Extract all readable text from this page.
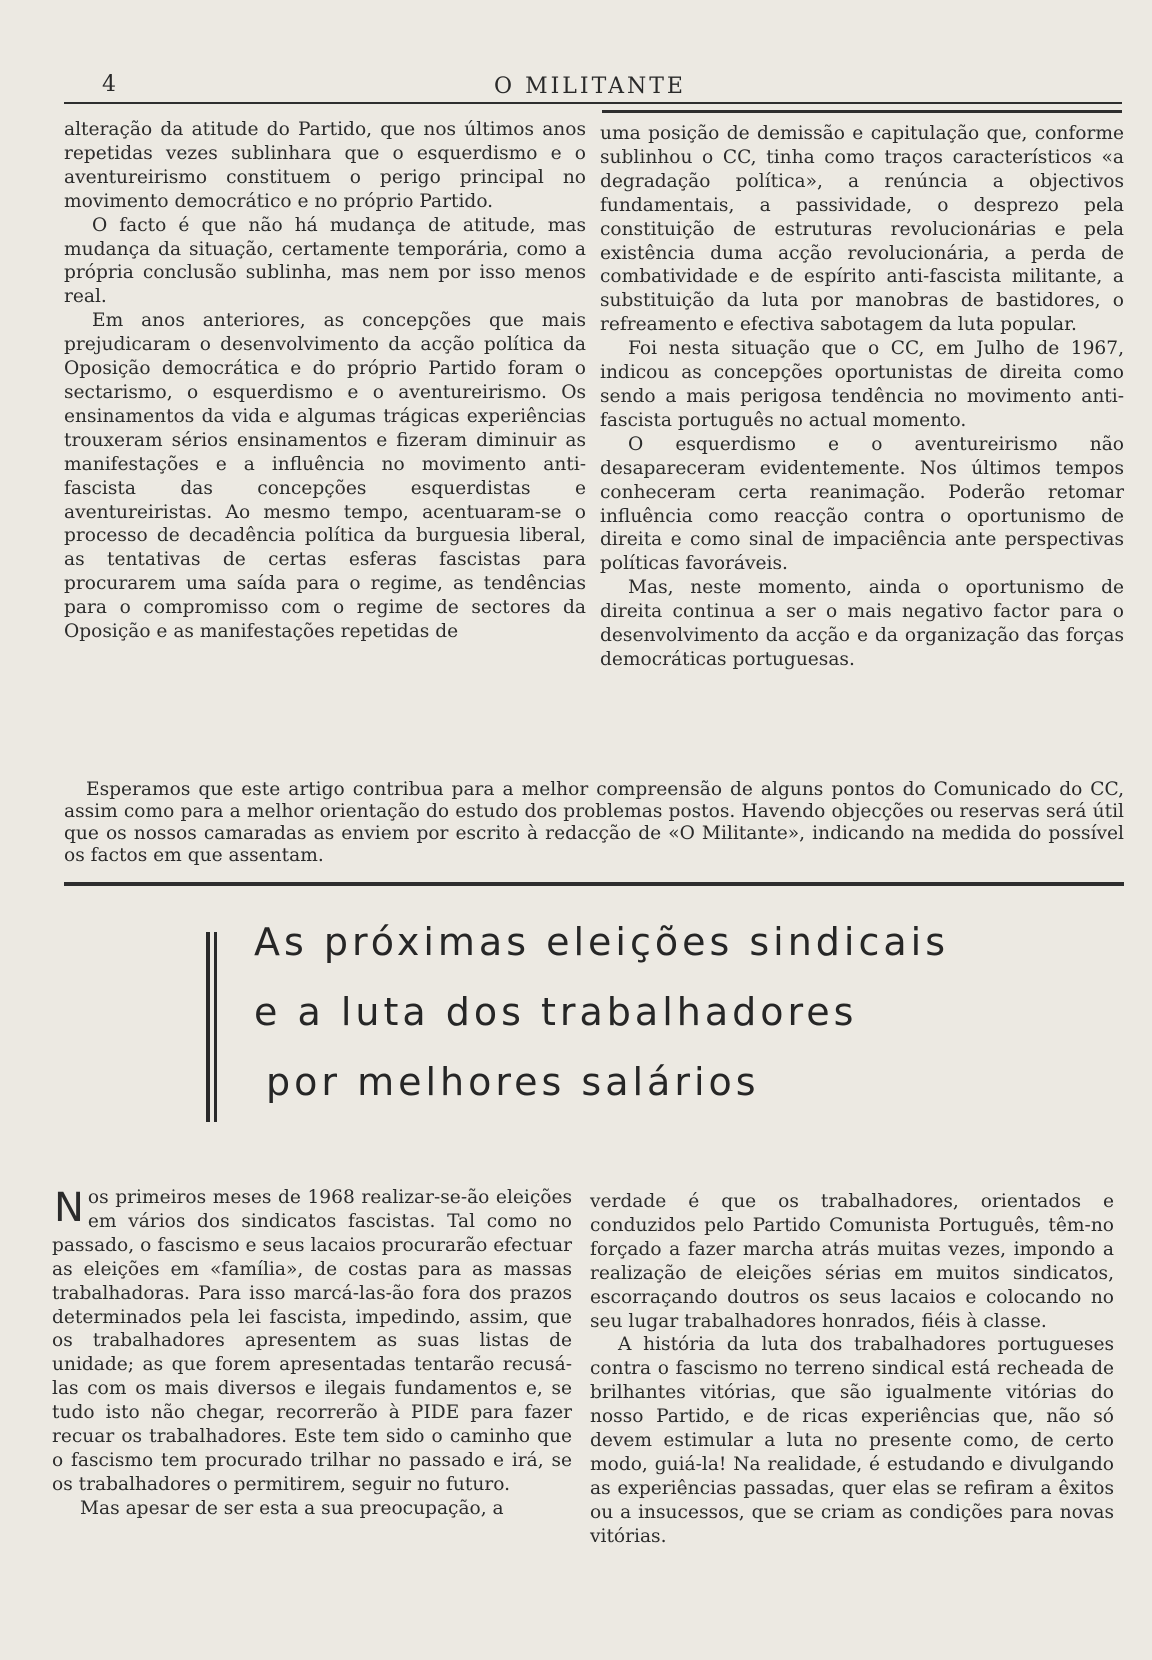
4	O MILITANTE

alteração da atitude do Partido, que nos últimos anos repetidas vezes sublinhara que o esquerdismo e o aventureirismo constituem o perigo principal no movimento democrático e no próprio Partido.

O facto é que não há mudança de atitude, mas mudança da situação, certamente temporária, como a própria conclusão sublinha, mas nem por isso menos real.

Em anos anteriores, as concepções que mais prejudicaram o desenvolvimento da acção política da Oposição democrática e do próprio Partido foram o sectarismo, o esquerdismo e o aventureirismo. Os ensinamentos da vida e algumas trágicas experiências trouxeram sérios ensinamentos e fizeram diminuir as manifestações e a influência no movimento anti-fascista das concepções esquerdistas e aventureiristas. Ao mesmo tempo, acentuaram-se o processo de decadência política da burguesia liberal, as tentativas de certas esferas fascistas para procurarem uma saída para o regime, as tendências para o compromisso com o regime de sectores da Oposição e as manifestações repetidas de

uma posição de demissão e capitulação que, conforme sublinhou o CC, tinha como traços característicos «a degradação política», a renúncia a objectivos fundamentais, a passividade, o desprezo pela constituição de estruturas revolucionárias e pela existência duma acção revolucionária, a perda de combatividade e de espírito anti-fascista militante, a substituição da luta por manobras de bastidores, o refreamento e efectiva sabotagem da luta popular.

Foi nesta situação que o CC, em Julho de 1967, indicou as concepções oportunistas de direita como sendo a mais perigosa tendência no movimento anti-fascista português no actual momento.

O esquerdismo e o aventureirismo não desapareceram evidentemente. Nos últimos tempos conheceram certa reanimação. Poderão retomar influência como reacção contra o oportunismo de direita e como sinal de impaciência ante perspectivas políticas favoráveis.

Mas, neste momento, ainda o oportunismo de direita continua a ser o mais negativo factor para o desenvolvimento da acção e da organização das forças democráticas portuguesas.

Esperamos que este artigo contribua para a melhor compreensão de alguns pontos do Comunicado do CC, assim como para a melhor orientação do estudo dos problemas postos. Havendo objecções ou reservas será útil que os nossos camaradas as enviem por escrito à redacção de «O Militante», indicando na medida do possível os factos em que assentam.

As próximas eleições sindicais
e a luta dos trabalhadores
por melhores salários

Nos primeiros meses de 1968 realizar-se-ão eleições em vários dos sindicatos fascistas. Tal como no passado, o fascismo e seus lacaios procurarão efectuar as eleições em «família», de costas para as massas trabalhadoras. Para isso marcá-las-ão fora dos prazos determinados pela lei fascista, impedindo, assim, que os trabalhadores apresentem as suas listas de unidade; as que forem apresentadas tentarão recusá-las com os mais diversos e ilegais fundamentos e, se tudo isto não chegar, recorrerão à PIDE para fazer recuar os trabalhadores. Este tem sido o caminho que o fascismo tem procurado trilhar no passado e irá, se os trabalhadores o permitirem, seguir no futuro.

Mas apesar de ser esta a sua preocupação, a

verdade é que os trabalhadores, orientados e conduzidos pelo Partido Comunista Português, têm-no forçado a fazer marcha atrás muitas vezes, impondo a realização de eleições sérias em muitos sindicatos, escorraçando doutros os seus lacaios e colocando no seu lugar trabalhadores honrados, fiéis à classe.

A história da luta dos trabalhadores portugueses contra o fascismo no terreno sindical está recheada de brilhantes vitórias, que são igualmente vitórias do nosso Partido, e de ricas experiências que, não só devem estimular a luta no presente como, de certo modo, guiá-la! Na realidade, é estudando e divulgando as experiências passadas, quer elas se refiram a êxitos ou a insucessos, que se criam as condições para novas vitórias.
